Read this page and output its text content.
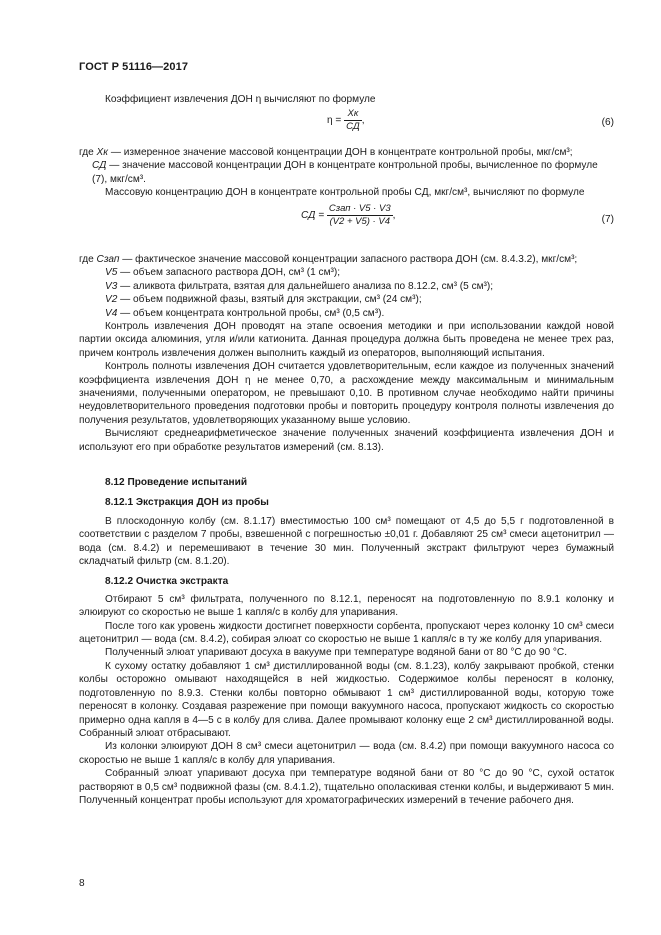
ГОСТ Р 51116—2017

Коэффициент извлечения ДОН η вычисляют по формуле

$\eta = \frac{Xк}{CД}$ ,	(6)

где Xк — измеренное значение массовой концентрации ДОН в концентрате контрольной пробы, мкг/см³;

CД — значение массовой концентрации ДОН в концентрате контрольной пробы, вычисленное по формуле (7), мкг/см³.

Массовую концентрацию ДОН в концентрате контрольной пробы CД, мкг/см³, вычисляют по формуле

CД = $\frac{\text{Cзап · V5 · V3}}{(V2 + V5) \cdot V4}$ ,	(7)

где Cзап — фактическое значение массовой концентрации запасного раствора ДОН (см. 8.4.3.2), мкг/см³;

V5 — объем запасного раствора ДОН, см³ (1 см³);

V3 — аликвота фильтрата, взятая для дальнейшего анализа по 8.12.2, см³ (5 см³);

V2 — объем подвижной фазы, взятый для экстракции, см³ (24 см³);

V4 — объем концентрата контрольной пробы, см³ (0,5 см³).

Контроль извлечения ДОН проводят на этапе освоения методики и при использовании каждой новой партии оксида алюминия, угля и/или катионита. Данная процедура должна быть проведена не менее трех раз, причем контроль извлечения должен выполнить каждый из операторов, выполняющий испытания.

Контроль полноты извлечения ДОН считается удовлетворительным, если каждое из полученных значений коэффициента извлечения ДОН η не менее 0,70, а расхождение между максимальным и минимальным значениями, полученными оператором, не превышают 0,10. В противном случае необходимо найти причины неудовлетворительного проведения подготовки пробы и повторить процедуру контроля полноты извлечения до получения результатов, удовлетворяющих указанному выше условию.

Вычисляют среднеарифметическое значение полученных значений коэффициента извлечения ДОН и используют его при обработке результатов измерений (см. 8.13).

8.12 Проведение испытаний

8.12.1 Экстракция ДОН из пробы

В плоскодонную колбу (см. 8.1.17) вместимостью 100 см³ помещают от 4,5 до 5,5 г подготовленной в соответствии с разделом 7 пробы, взвешенной с погрешностью ±0,01 г. Добавляют 25 см³ смеси ацетонитрил — вода (см. 8.4.2) и перемешивают в течение 30 мин. Полученный экстракт фильтруют через бумажный складчатый фильтр (см. 8.1.20).

8.12.2 Очистка экстракта

Отбирают 5 см³ фильтрата, полученного по 8.12.1, переносят на подготовленную по 8.9.1 колонку и элюируют со скоростью не выше 1 капля/с в колбу для упаривания.

После того как уровень жидкости достигнет поверхности сорбента, пропускают через колонку 10 см³ смеси ацетонитрил — вода (см. 8.4.2), собирая элюат со скоростью не выше 1 капля/с в ту же колбу для упаривания.

Полученный элюат упаривают досуха в вакууме при температуре водяной бани от 80 °С до 90 °С.

К сухому остатку добавляют 1 см³ дистиллированной воды (см. 8.1.23), колбу закрывают пробкой, стенки колбы осторожно омывают находящейся в ней жидкостью. Содержимое колбы переносят в колонку, подготовленную по 8.9.3. Стенки колбы повторно обмывают 1 см³ дистиллированной воды, которую тоже переносят в колонку. Создавая разрежение при помощи вакуумного насоса, пропускают жидкость со скоростью примерно одна капля в 4—5 с в колбу для слива. Далее промывают колонку еще 2 см³ дистиллированной воды. Собранный элюат отбрасывают.

Из колонки элюируют ДОН 8 см³ смеси ацетонитрил — вода (см. 8.4.2) при помощи вакуумного насоса со скоростью не выше 1 капля/с в колбу для упаривания.

Собранный элюат упаривают досуха при температуре водяной бани от 80 °С до 90 °С, сухой остаток растворяют в 0,5 см³ подвижной фазы (см. 8.4.1.2), тщательно ополаскивая стенки колбы, и выдерживают 5 мин. Полученный концентрат пробы используют для хроматографических измерений в течение рабочего дня.

8
